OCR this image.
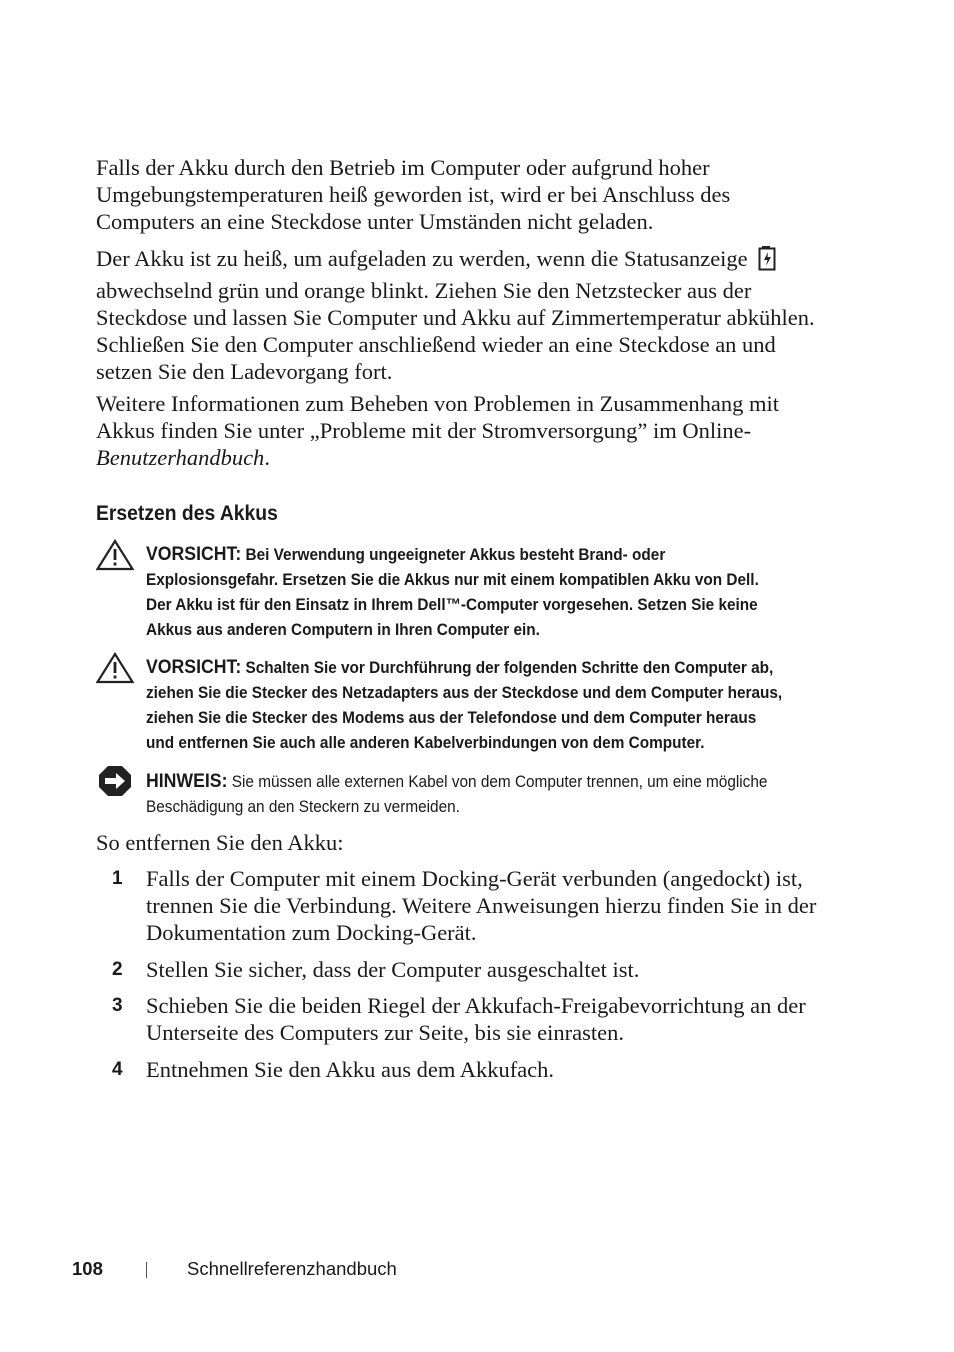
Falls der Akku durch den Betrieb im Computer oder aufgrund hoher Umgebungstemperaturen heiß geworden ist, wird er bei Anschluss des Computers an eine Steckdose unter Umständen nicht geladen.

Der Akku ist zu heiß, um aufgeladen zu werden, wenn die Statusanzeige abwechselnd grün und orange blinkt. Ziehen Sie den Netzstecker aus der Steckdose und lassen Sie Computer und Akku auf Zimmertemperatur abkühlen. Schließen Sie den Computer anschließend wieder an eine Steckdose an und setzen Sie den Ladevorgang fort.

Weitere Informationen zum Beheben von Problemen in Zusammenhang mit Akkus finden Sie unter „Probleme mit der Stromversorgung” im Online- Benutzerhandbuch.

Ersetzen des Akkus

VORSICHT: Bei Verwendung ungeeigneter Akkus besteht Brand- oder Explosionsgefahr. Ersetzen Sie die Akkus nur mit einem kompatiblen Akku von Dell. Der Akku ist für den Einsatz in Ihrem Dell™-Computer vorgesehen. Setzen Sie keine Akkus aus anderen Computern in Ihren Computer ein.

VORSICHT: Schalten Sie vor Durchführung der folgenden Schritte den Computer ab, ziehen Sie die Stecker des Netzadapters aus der Steckdose und dem Computer heraus, ziehen Sie die Stecker des Modems aus der Telefondose und dem Computer heraus und entfernen Sie auch alle anderen Kabelverbindungen von dem Computer.

HINWEIS: Sie müssen alle externen Kabel von dem Computer trennen, um eine mögliche Beschädigung an den Steckern zu vermeiden.

So entfernen Sie den Akku:

1 Falls der Computer mit einem Docking-Gerät verbunden (angedockt) ist, trennen Sie die Verbindung. Weitere Anweisungen hierzu finden Sie in der Dokumentation zum Docking-Gerät.

2 Stellen Sie sicher, dass der Computer ausgeschaltet ist.

3 Schieben Sie die beiden Riegel der Akkufach-Freigabevorrichtung an der Unterseite des Computers zur Seite, bis sie einrasten.

4 Entnehmen Sie den Akku aus dem Akkufach.

108	Schnellreferenzhandbuch
